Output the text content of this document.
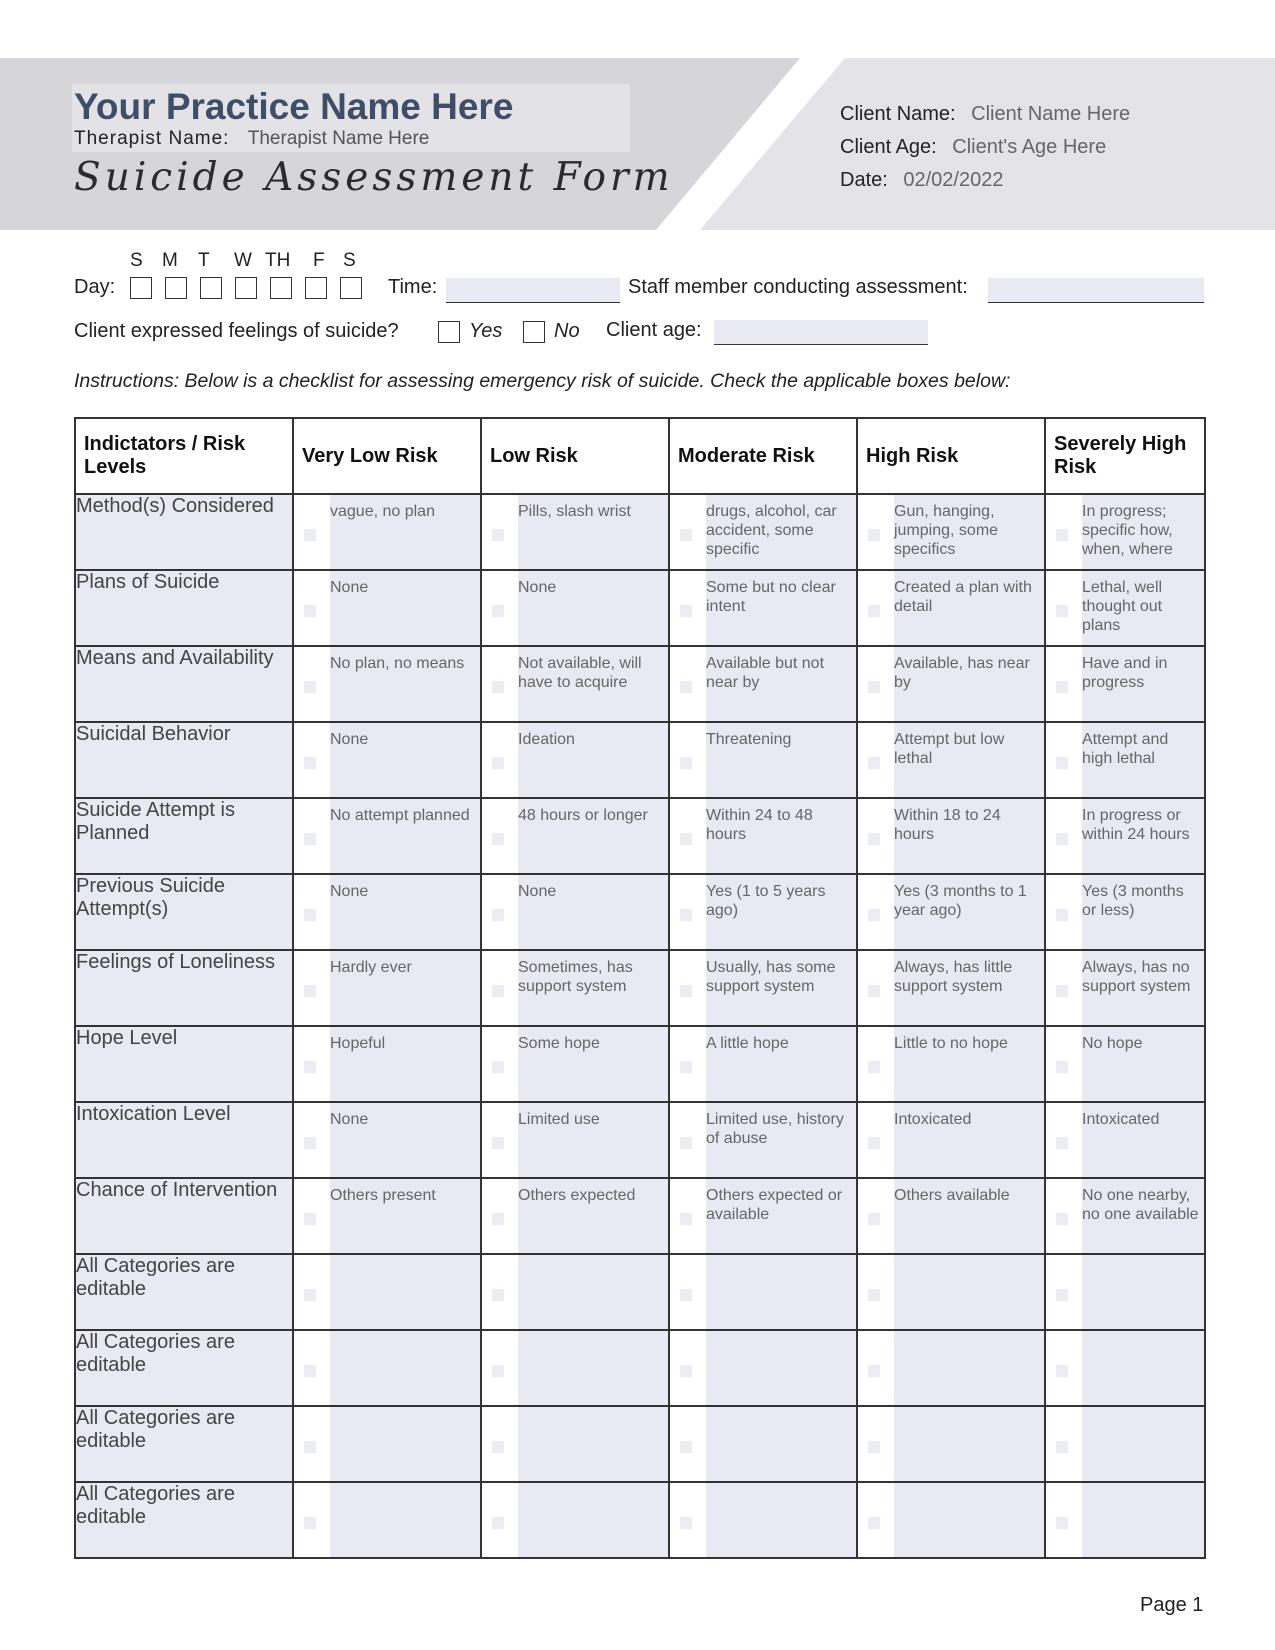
Your Practice Name Here
Therapist Name: Therapist Name Here
Suicide Assessment Form
Client Name: Client Name Here
Client Age: Client's Age Here
Date: 02/02/2022
S M T W TH F S
Day:	Time:	Staff member conducting assessment:
Client expressed feelings of suicide?	Yes	No Client age:
Instructions: Below is a checklist for assessing emergency risk of suicide. Check the applicable boxes below:
Indictators / Risk Levels	Very Low Risk	Low Risk	Moderate Risk	High Risk	Severely High Risk
Method(s) Considered	vague, no plan	Pills, slash wrist	drugs, alcohol, car accident, some specific	Gun, hanging, jumping, some specifics	In progress; specific how, when, where

Plans of Suicide	None	None	Some but no clear intent	Created a plan with detail	Lethal, well thought out plans

Means and Availability	No plan, no means	Not available, will have to acquire	Available but not near by	Available, has near by	Have and in progress

Suicidal Behavior	None	Ideation	Threatening	Attempt but low lethal	Attempt and high lethal

Suicide Attempt is Planned	No attempt planned	48 hours or longer	Within 24 to 48 hours	Within 18 to 24 hours	In progress or within 24 hours

Previous Suicide Attempt(s)	None	None	Yes (1 to 5 years ago)	Yes (3 months to 1 year ago)	Yes (3 months or less)

Feelings of Loneliness	Hardly ever	Sometimes, has support system	Usually, has some support system	Always, has little support system	Always, has no support system

Hope Level	Hopeful	Some hope	A little hope	Little to no hope	No hope

Intoxication Level	None	Limited use	Limited use, history of abuse	Intoxicated	Intoxicated

Chance of Intervention	Others present	Others expected	Others expected or available	Others available	No one nearby, no one available

All Categories are editable	

All Categories are editable	

All Categories are editable	

All Categories are editable	

Page 1
